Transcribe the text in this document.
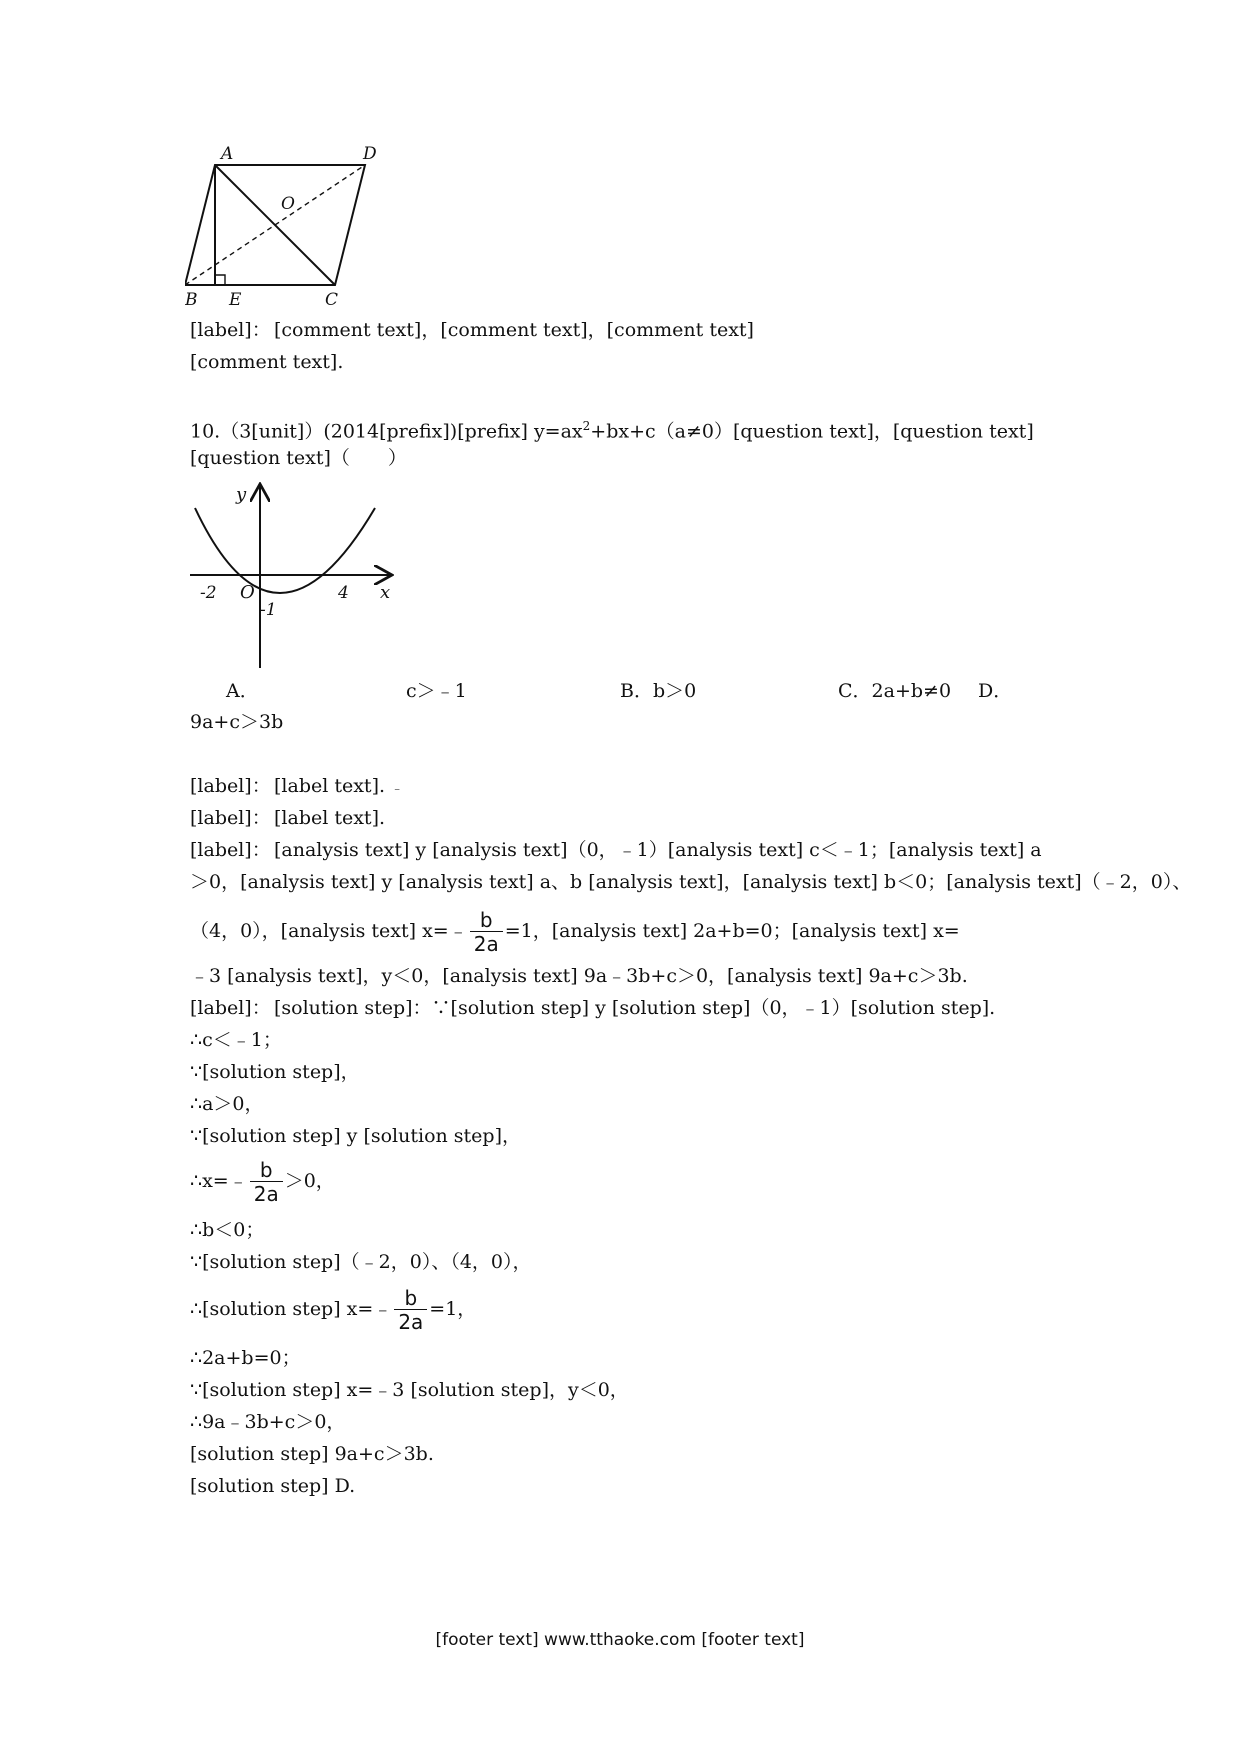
A	D
O
B E	C
[label]： [comment text]，[comment text]，[comment text]
[comment text].
10.（3[unit]）(2014[prefix])[prefix] $y=ax^2+bx+c(a\ne 0)[question$ text]，[question text]
[question text]（　　）
y
x
O
-2	4
-1
A．	c＞﹣1	B．b＞0	C．2a+b≠0 D．
9a+c＞3b
[label]： [label text]. ﹣
[label]： [label text].
[label]： [analysis text] y [analysis text]（0，﹣1）[analysis text] c＜﹣1；[analysis text] a
＞0，[analysis text] y [analysis text] a、b [analysis text]，[analysis text] b＜0；[analysis text]（﹣2，0）、
（4，0），[analysis text] x=﹣ $\frac{b}{2a} =1$，[analysis text] 2a+b=0；[analysis text] x=
﹣3 [analysis text]，y＜0，[analysis text] 9a﹣3b+c＞0，[analysis text] 9a+c＞3b.
[label]： [solution step]：∵[solution step] y [solution step]（0，﹣1）[solution step].
∴c＜﹣1；
∵[solution step]，
∴a＞0，
∵[solution step] y [solution step]，
∴x=﹣ $\frac{b}{2a} >0$，
∴b＜0；
∵[solution step]（﹣2，0）、（4，0），
∴[solution step] x=﹣ $\frac{b}{2a} =1$，
∴2a+b=0；
∵[solution step] x=﹣3 [solution step]，y＜0，
∴9a﹣3b+c＞0，
[solution step] 9a+c＞3b.
[solution step] D.
[footer text] www.tthaoke.com [footer text]
